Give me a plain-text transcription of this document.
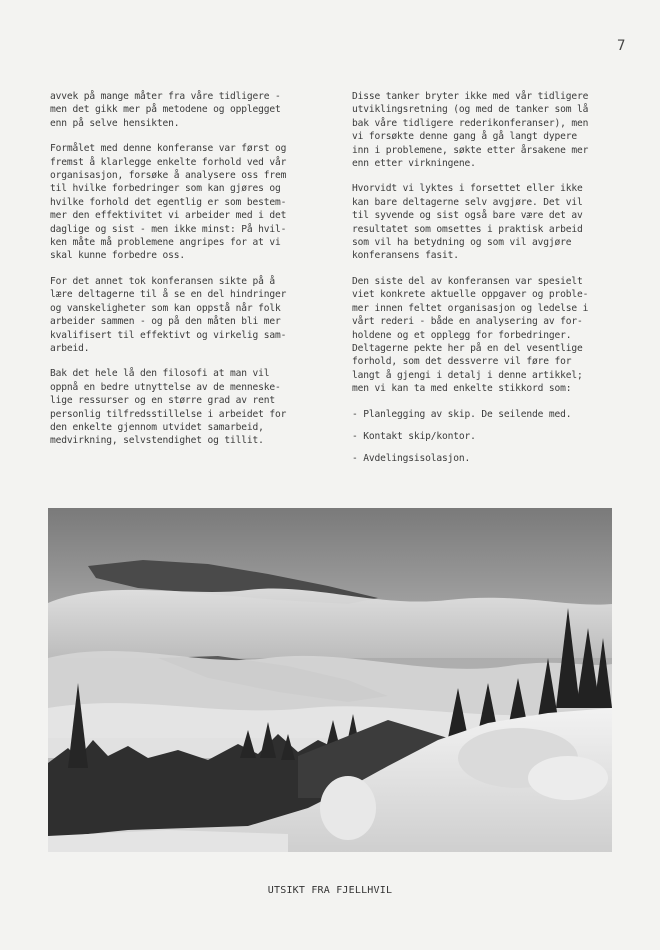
7

avvek på mange måter fra våre tidligere -
men det gikk mer på metodene og opplegget
enn på selve hensikten.

Formålet med denne konferanse var først og
fremst å klarlegge enkelte forhold ved vår
organisasjon, forsøke å analysere oss frem
til hvilke forbedringer som kan gjøres og
hvilke forhold det egentlig er som bestem-
mer den effektivitet vi arbeider med i det
daglige og sist - men ikke minst: På hvil-
ken måte må problemene angripes for at vi
skal kunne forbedre oss.

For det annet tok konferansen sikte på å
lære deltagerne til å se en del hindringer
og vanskeligheter som kan oppstå når folk
arbeider sammen - og på den måten bli mer
kvalifisert til effektivt og virkelig sam-
arbeid.

Bak det hele lå den filosofi at man vil
oppnå en bedre utnyttelse av de menneske-
lige ressurser og en større grad av rent
personlig tilfredsstillelse i arbeidet for
den enkelte gjennom utvidet samarbeid,
medvirkning, selvstendighet og tillit.

Disse tanker bryter ikke med vår tidligere
utviklingsretning (og med de tanker som lå
bak våre tidligere rederikonferanser), men
vi forsøkte denne gang å gå langt dypere
inn i problemene, søkte etter årsakene mer
enn etter virkningene.

Hvorvidt vi lyktes i forsettet eller ikke
kan bare deltagerne selv avgjøre. Det vil
til syvende og sist også bare være det av
resultatet som omsettes i praktisk arbeid
som vil ha betydning og som vil avgjøre
konferansens fasit.

Den siste del av konferansen var spesielt
viet konkrete aktuelle oppgaver og proble-
mer innen feltet organisasjon og ledelse i
vårt rederi - både en analysering av for-
holdene og et opplegg for forbedringer.
Deltagerne pekte her på en del vesentlige
forhold, som det dessverre vil føre for
langt å gjengi i detalj i denne artikkel;
men vi kan ta med enkelte stikkord som:

- Planlegging av skip. De seilende med.

- Kontakt skip/kontor.

- Avdelingsisolasjon.

UTSIKT FRA FJELLHVIL
